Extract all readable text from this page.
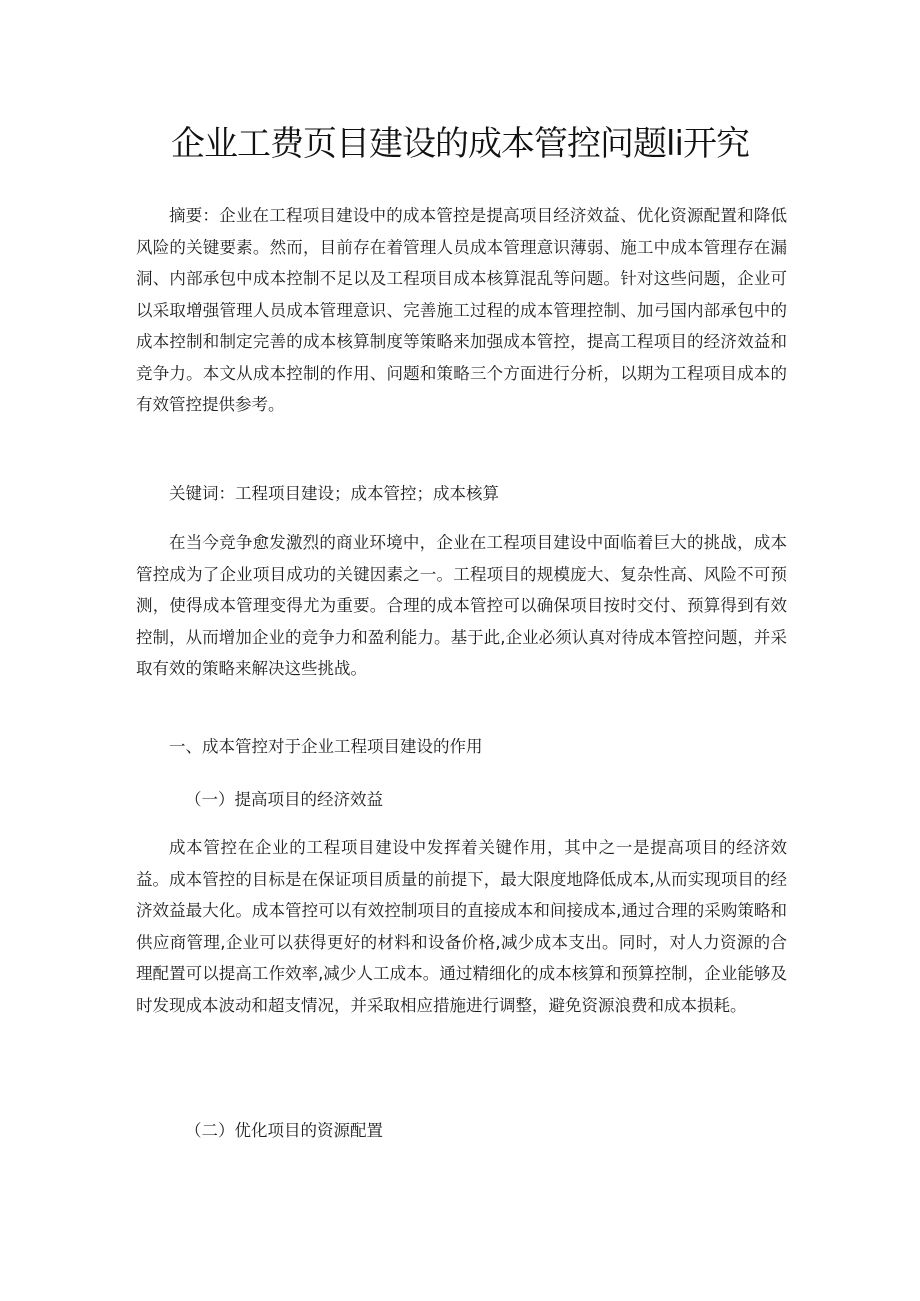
企业工费页目建设的成本管控问题li开究

摘要：企业在工程项目建设中的成本管控是提高项目经济效益、优化资源配置和降低风险的关键要素。然而，目前存在着管理人员成本管理意识薄弱、施工中成本管理存在漏洞、内部承包中成本控制不足以及工程项目成本核算混乱等问题。针对这些问题，企业可以采取增强管理人员成本管理意识、完善施工过程的成本管理控制、加弓国内部承包中的成本控制和制定完善的成本核算制度等策略来加强成本管控，提高工程项目的经济效益和竞争力。本文从成本控制的作用、问题和策略三个方面进行分析，以期为工程项目成本的有效管控提供参考。

关键词：工程项目建设；成本管控；成本核算

在当今竞争愈发激烈的商业环境中，企业在工程项目建设中面临着巨大的挑战，成本管控成为了企业项目成功的关键因素之一。工程项目的规模庞大、复杂性高、风险不可预测，使得成本管理变得尤为重要。合理的成本管控可以确保项目按时交付、预算得到有效控制，从而增加企业的竞争力和盈利能力。基于此,企业必须认真对待成本管控问题，并采取有效的策略来解决这些挑战。

一、成本管控对于企业工程项目建设的作用
（一）提高项目的经济效益

成本管控在企业的工程项目建设中发挥着关键作用，其中之一是提高项目的经济效益。成本管控的目标是在保证项目质量的前提下，最大限度地降低成本,从而实现项目的经济效益最大化。成本管控可以有效控制项目的直接成本和间接成本,通过合理的采购策略和供应商管理,企业可以获得更好的材料和设备价格,减少成本支出。同时，对人力资源的合理配置可以提高工作效率,减少人工成本。通过精细化的成本核算和预算控制，企业能够及时发现成本波动和超支情况，并采取相应措施进行调整，避免资源浪费和成本损耗。

（二）优化项目的资源配置
